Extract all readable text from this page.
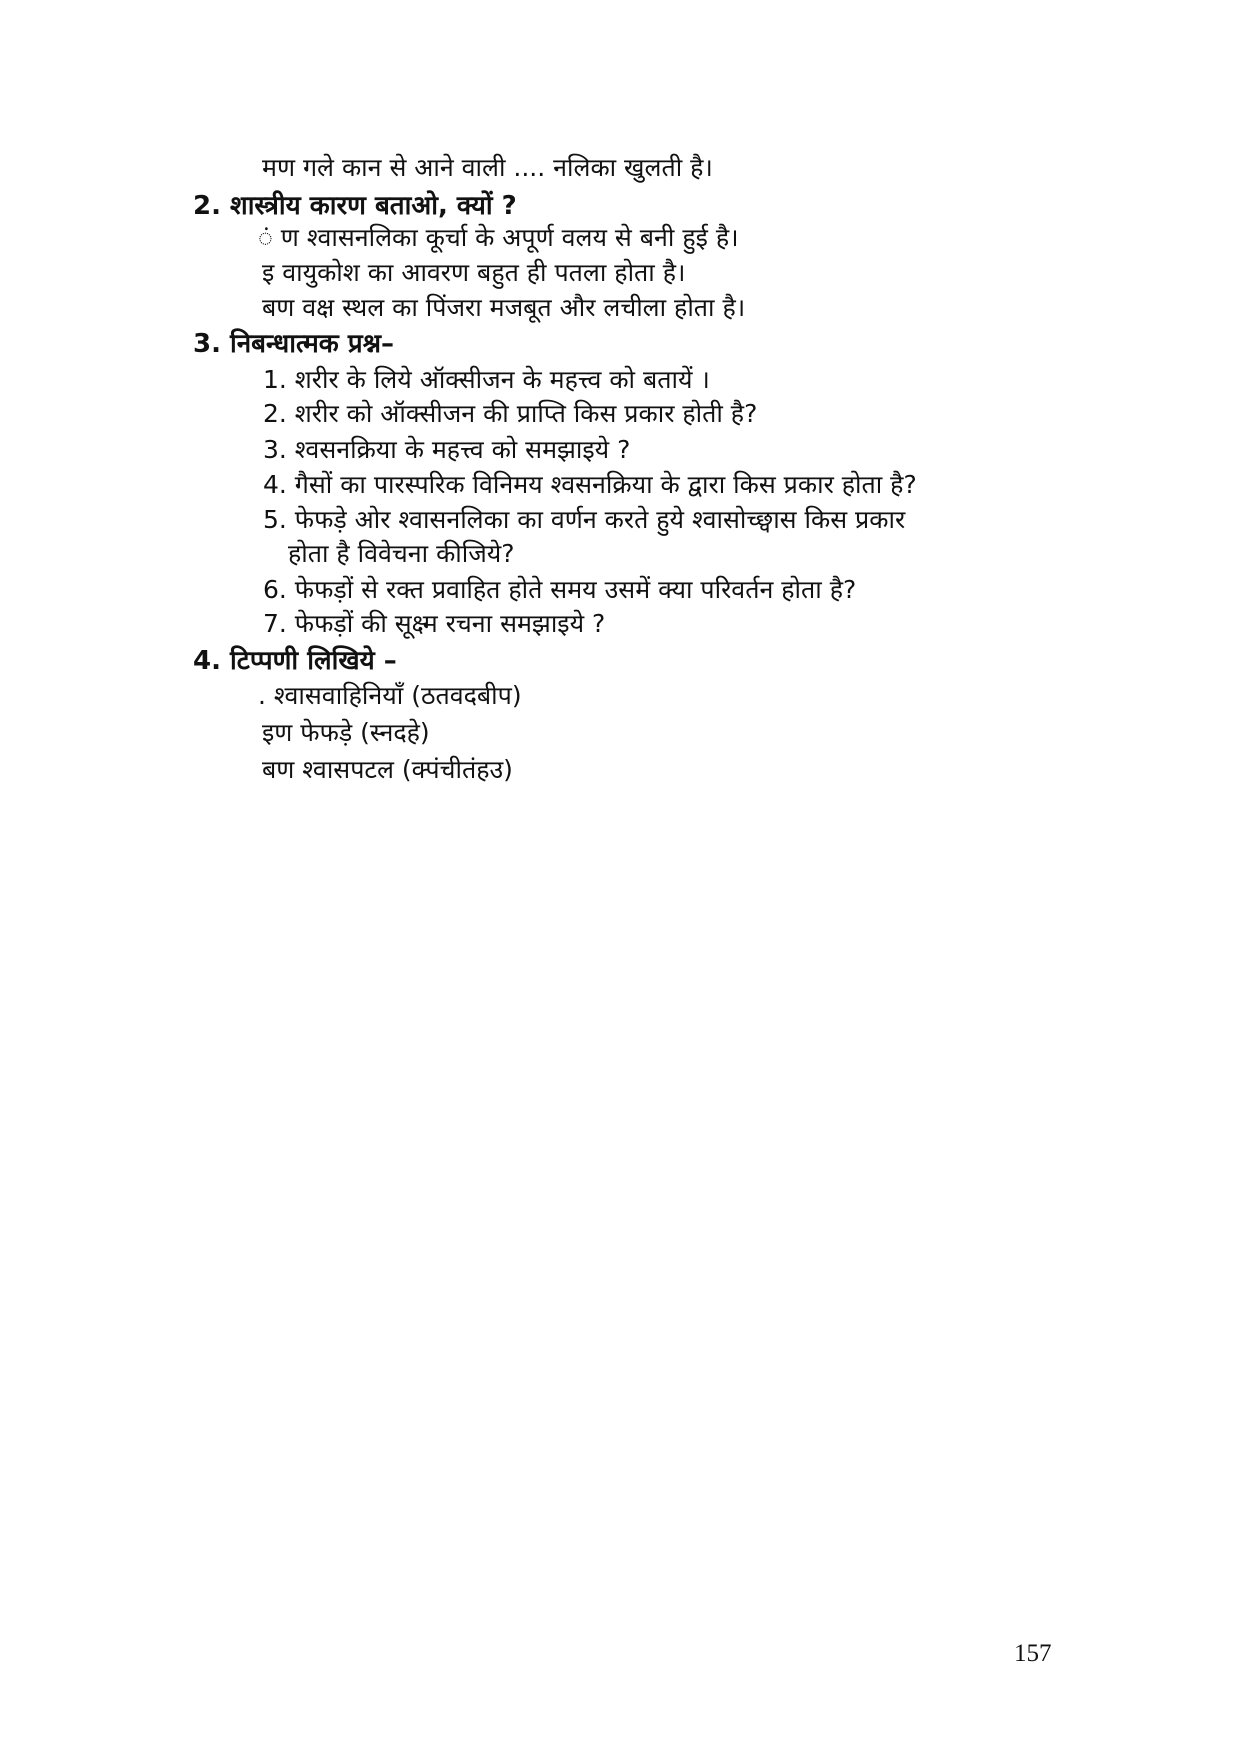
मण गले कान से आने वाली .... नलिका खुलती है।
2. शास्त्रीय कारण बताओ, क्यों ?
ं ण श्वासनलिका कूर्चा के अपूर्ण वलय से बनी हुई है।
इ वायुकोश का आवरण बहुत ही पतला होता है।
बण वक्ष स्थल का पिंजरा मजबूत और लचीला होता है।
3. निबन्धात्मक प्रश्न–
1. शरीर के लिये ऑक्सीजन के महत्त्व को बतायें ।
2. शरीर को ऑक्सीजन की प्राप्ति किस प्रकार होती है?
3. श्वसनक्रिया के महत्त्व को समझाइये ?
4. गैसों का पारस्परिक विनिमय श्वसनक्रिया के द्वारा किस प्रकार होता है?
5. फेफड़े ओर श्वासनलिका का वर्णन करते हुये श्वासोच्छ्वास किस प्रकार
होता है विवेचना कीजिये?
6. फेफड़ों से रक्त प्रवाहित होते समय उसमें क्या परिवर्तन होता है?
7. फेफड़ों की सूक्ष्म रचना समझाइये ?
4. टिप्पणी लिखिये –
. श्वासवाहिनियाँ (ठतवदबीप)
इण फेफड़े (स्नदहे)
बण श्वासपटल (क्पंचीतंहउ)
157
